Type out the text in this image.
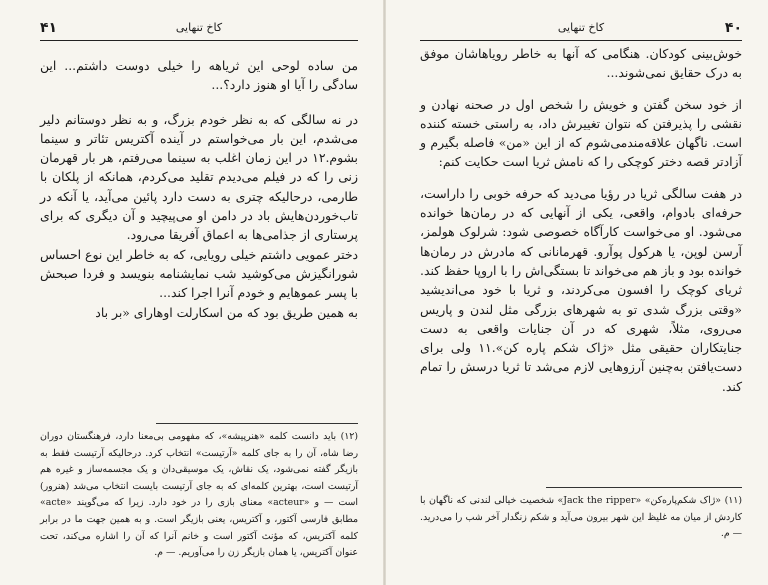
۴۱	کاخ تنهایی

من ساده لوحی این ثریاهه را خیلی دوست داشتم... این سادگی را آیا او هنوز دارد؟...

در نه سالگی که به نظر خودم بزرگ، و به نظر دوستانم دلیر می‌شدم، این بار می‌خواستم در آینده آکتریس تئاتر و سینما بشوم.۱۲ در این زمان اغلب به سینما می‌رفتم، هر بار قهرمان زنی را که در فیلم می‌دیدم تقلید می‌کردم، همانکه از پلکان با طارمی، درحالیکه چتری به دست دارد پائین می‌آید، یا آنکه در تاب‌خوردن‌هایش باد در دامن او می‌پیچید و آن دیگری که برای پرستاری از جذامی‌ها به اعماق آفریقا می‌رود.

دختر عمویی داشتم خیلی رویایی، که به خاطر این نوع احساس شورانگیزش می‌کوشید شب نمایشنامه بنویسد و فردا صبحش با پسر عموهایم و خودم آنرا اجرا کند...

به همین طریق بود که من اسکارلت اوهارای «بر باد

(۱۲) باید دانست کلمه «هنرپیشه»، که مفهومی بی‌معنا دارد، فرهنگستان دوران رضا شاه، آن را به جای کلمه «آرتیست» انتخاب کرد. درحالیکه آرتیست فقط به بازیگر گفته نمی‌شود، یک نقاش، یک موسیقی‌دان و یک مجسمه‌ساز و غیره هم آرتیست است، بهترین کلمه‌ای که به جای آرتیست بایست انتخاب می‌شد (هنرور) است — و «acteur» معنای بازی را در خود دارد. زیرا که می‌گویند «acte» مطابق فارسی آکتور، و آکتریس، یعنی بازیگر است. و به همین جهت ما در برابر کلمه آکتریس، که مؤنث آکتور است و خانم آنرا که آن را اشاره می‌کند، تحت عنوان آکتریس، یا همان بازیگر زن را می‌آوریم. — م.

۴۰
کاخ تنهایی

خوش‌بینی کودکان. هنگامی که آنها به خاطر رویاهاشان موفق به درک حقایق نمی‌شوند...

از خود سخن گفتن و خویش را شخص اول در صحنه نهادن و نقشی را پذیرفتن که نتوان تغییرش داد، به راستی خسته کننده است. ناگهان علاقه‌مندمی‌شوم که از این «من» فاصله بگیرم و آزادتر قصه دختر کوچکی را که نامش ثریا است حکایت کنم:

در هفت سالگی ثریا در رؤیا می‌دید که حرفه خوبی را داراست، حرفه‌ای بادوام، واقعی، یکی از آنهایی که در رمان‌ها خوانده می‌شود. او می‌خواست کارآگاه خصوصی شود: شرلوک هولمز، آرسن لوپن، یا هرکول پوآرو. قهرمانانی که مادرش در رمان‌ها خوانده بود و باز هم می‌خواند تا بستگی‌اش را با اروپا حفظ کند. ثریای کوچک را افسون می‌کردند، و ثریا با خود می‌اندیشید «وقتی بزرگ شدی تو به شهرهای بزرگی مثل لندن و پاریس می‌روی، مثلاً، شهری که در آن جنایات واقعی به دست جنایتکاران حقیقی مثل «ژاک شکم پاره کن».۱۱ ولی برای دست‌یافتن به‌چنین آرزوهایی لازم می‌شد تا ثریا درسش را تمام کند.

(۱۱) «ژاک شکم‌پاره‌کن» «Jack the ripper» شخصیت خیالی لندنی که ناگهان با کاردش از میان مه غلیظ این شهر بیرون می‌آید و شکم زنگدار آخر شب را می‌درید. — م.
